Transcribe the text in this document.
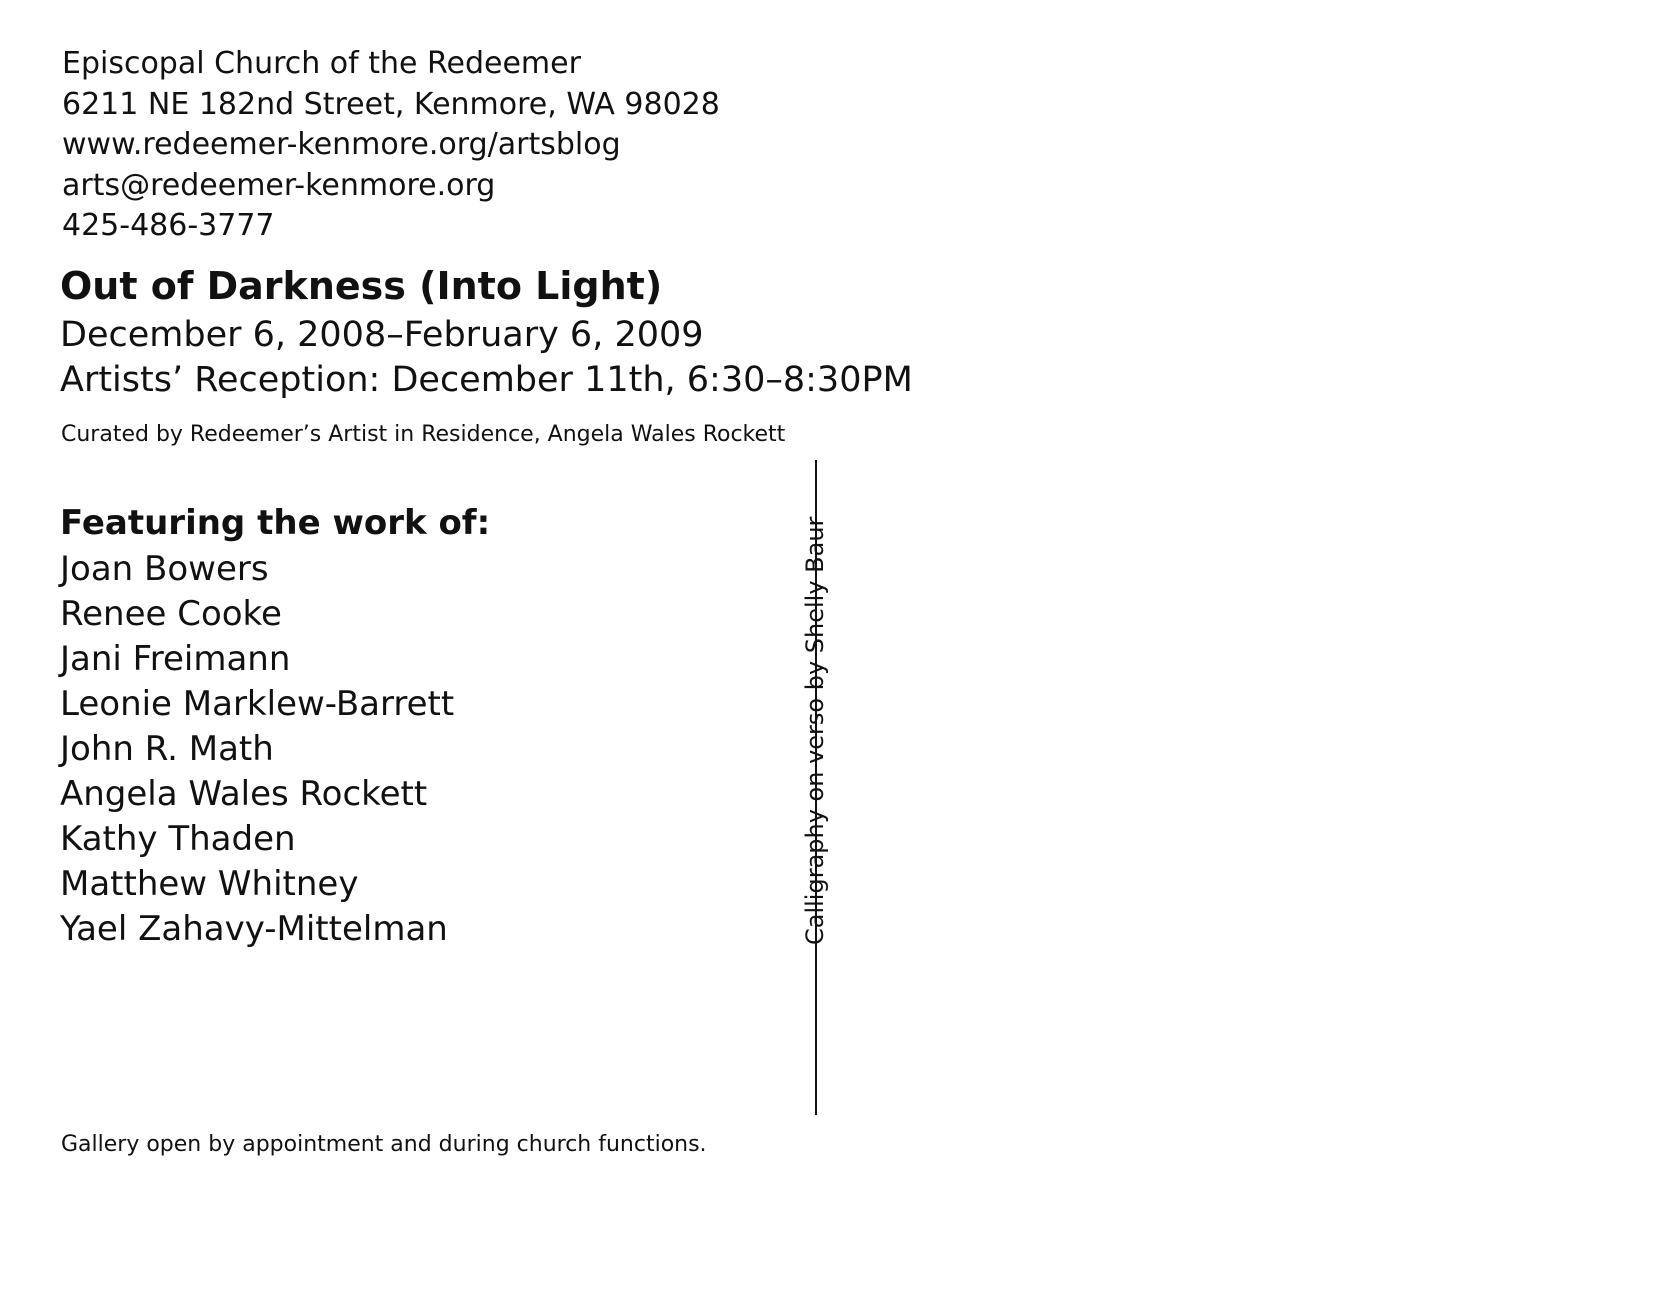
Episcopal Church of the Redeemer
6211 NE 182nd Street, Kenmore, WA 98028
www.redeemer-kenmore.org/artsblog
arts@redeemer-kenmore.org
425-486-3777
Out of Darkness (Into Light)
December 6, 2008–February 6, 2009
Artists’ Reception: December 11th, 6:30–8:30PM
Curated by Redeemer’s Artist in Residence, Angela Wales Rockett
Featuring the work of:
Joan Bowers
Renee Cooke
Jani Freimann
Leonie Marklew-Barrett
John R. Math
Angela Wales Rockett
Kathy Thaden
Matthew Whitney
Yael Zahavy-Mittelman	Calligraphy on verso by Shelly Baur
Gallery open by appointment and during church functions.
